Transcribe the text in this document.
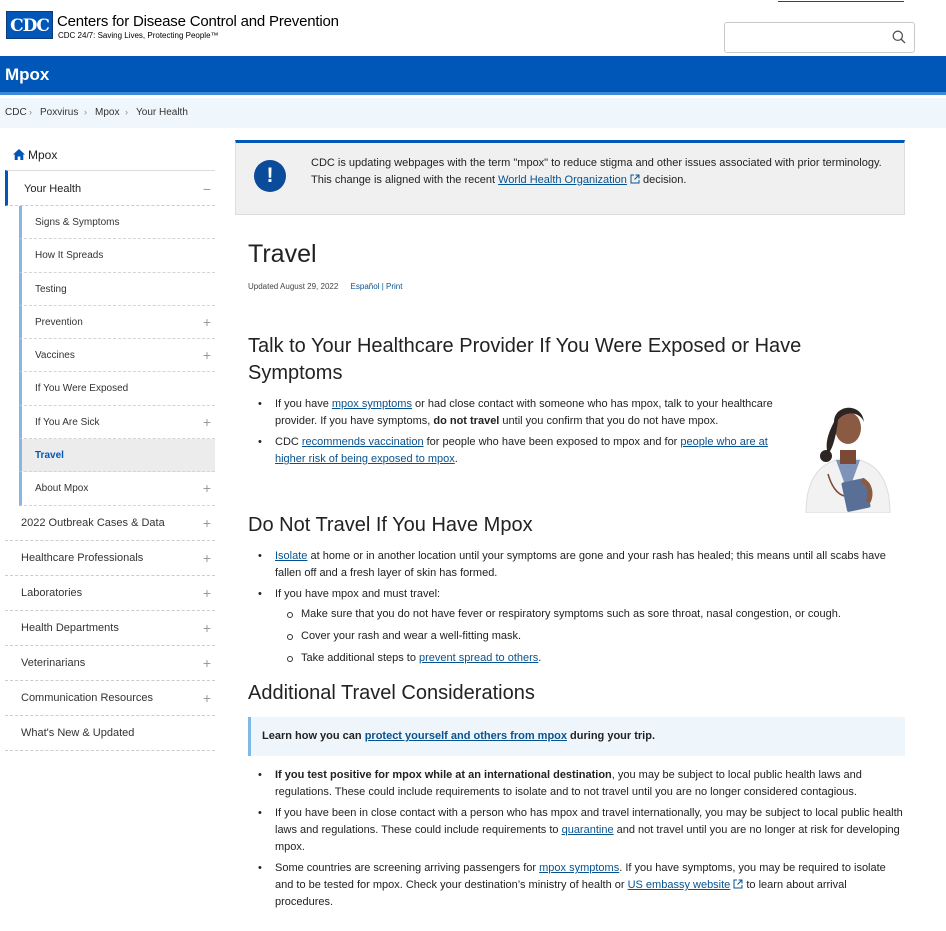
CDC Centers for Disease Control and Prevention
CDC 24/7: Saving Lives, Protecting People™
Mpox
CDC › Poxvirus › Mpox › Your Health
Mpox
Your Health	−
Signs & Symptoms
How It Spreads
Testing
Prevention	+
Vaccines	+
If You Were Exposed
If You Are Sick	+
Travel
About Mpox	+
2022 Outbreak Cases & Data	+
Healthcare Professionals	+
Laboratories	+
Health Departments	+
Veterinarians	+
Communication Resources	+
What's New & Updated
!
CDC is updating webpages with the term "mpox" to reduce stigma and other issues associated with prior terminology. This change is aligned with the recent World Health Organization decision.
Travel
Updated August 29, 2022 Español | Print
Talk to Your Healthcare Provider If You Were Exposed or Have Symptoms
• If you have mpox symptoms or had close contact with someone who has mpox, talk to your healthcare provider. If you have symptoms, do not travel until you confirm that you do not have mpox.
• CDC recommends vaccination for people who have been exposed to mpox and for people who are at higher risk of being exposed to mpox.
Do Not Travel If You Have Mpox
• Isolate at home or in another location until your symptoms are gone and your rash has healed; this means until all scabs have fallen off and a fresh layer of skin has formed.
• If you have mpox and must travel:
Make sure that you do not have fever or respiratory symptoms such as sore throat, nasal congestion, or cough.
Cover your rash and wear a well-fitting mask.
Take additional steps to prevent spread to others.
Additional Travel Considerations
Learn how you can protect yourself and others from mpox during your trip.
• If you test positive for mpox while at an international destination, you may be subject to local public health laws and regulations. These could include requirements to isolate and to not travel until you are no longer considered contagious.
• If you have been in close contact with a person who has mpox and travel internationally, you may be subject to local public health laws and regulations. These could include requirements to quarantine and not travel until you are no longer at risk for developing mpox.
• Some countries are screening arriving passengers for mpox symptoms. If you have symptoms, you may be required to isolate and to be tested for mpox. Check your destination’s ministry of health or US embassy website to learn about arrival procedures.
